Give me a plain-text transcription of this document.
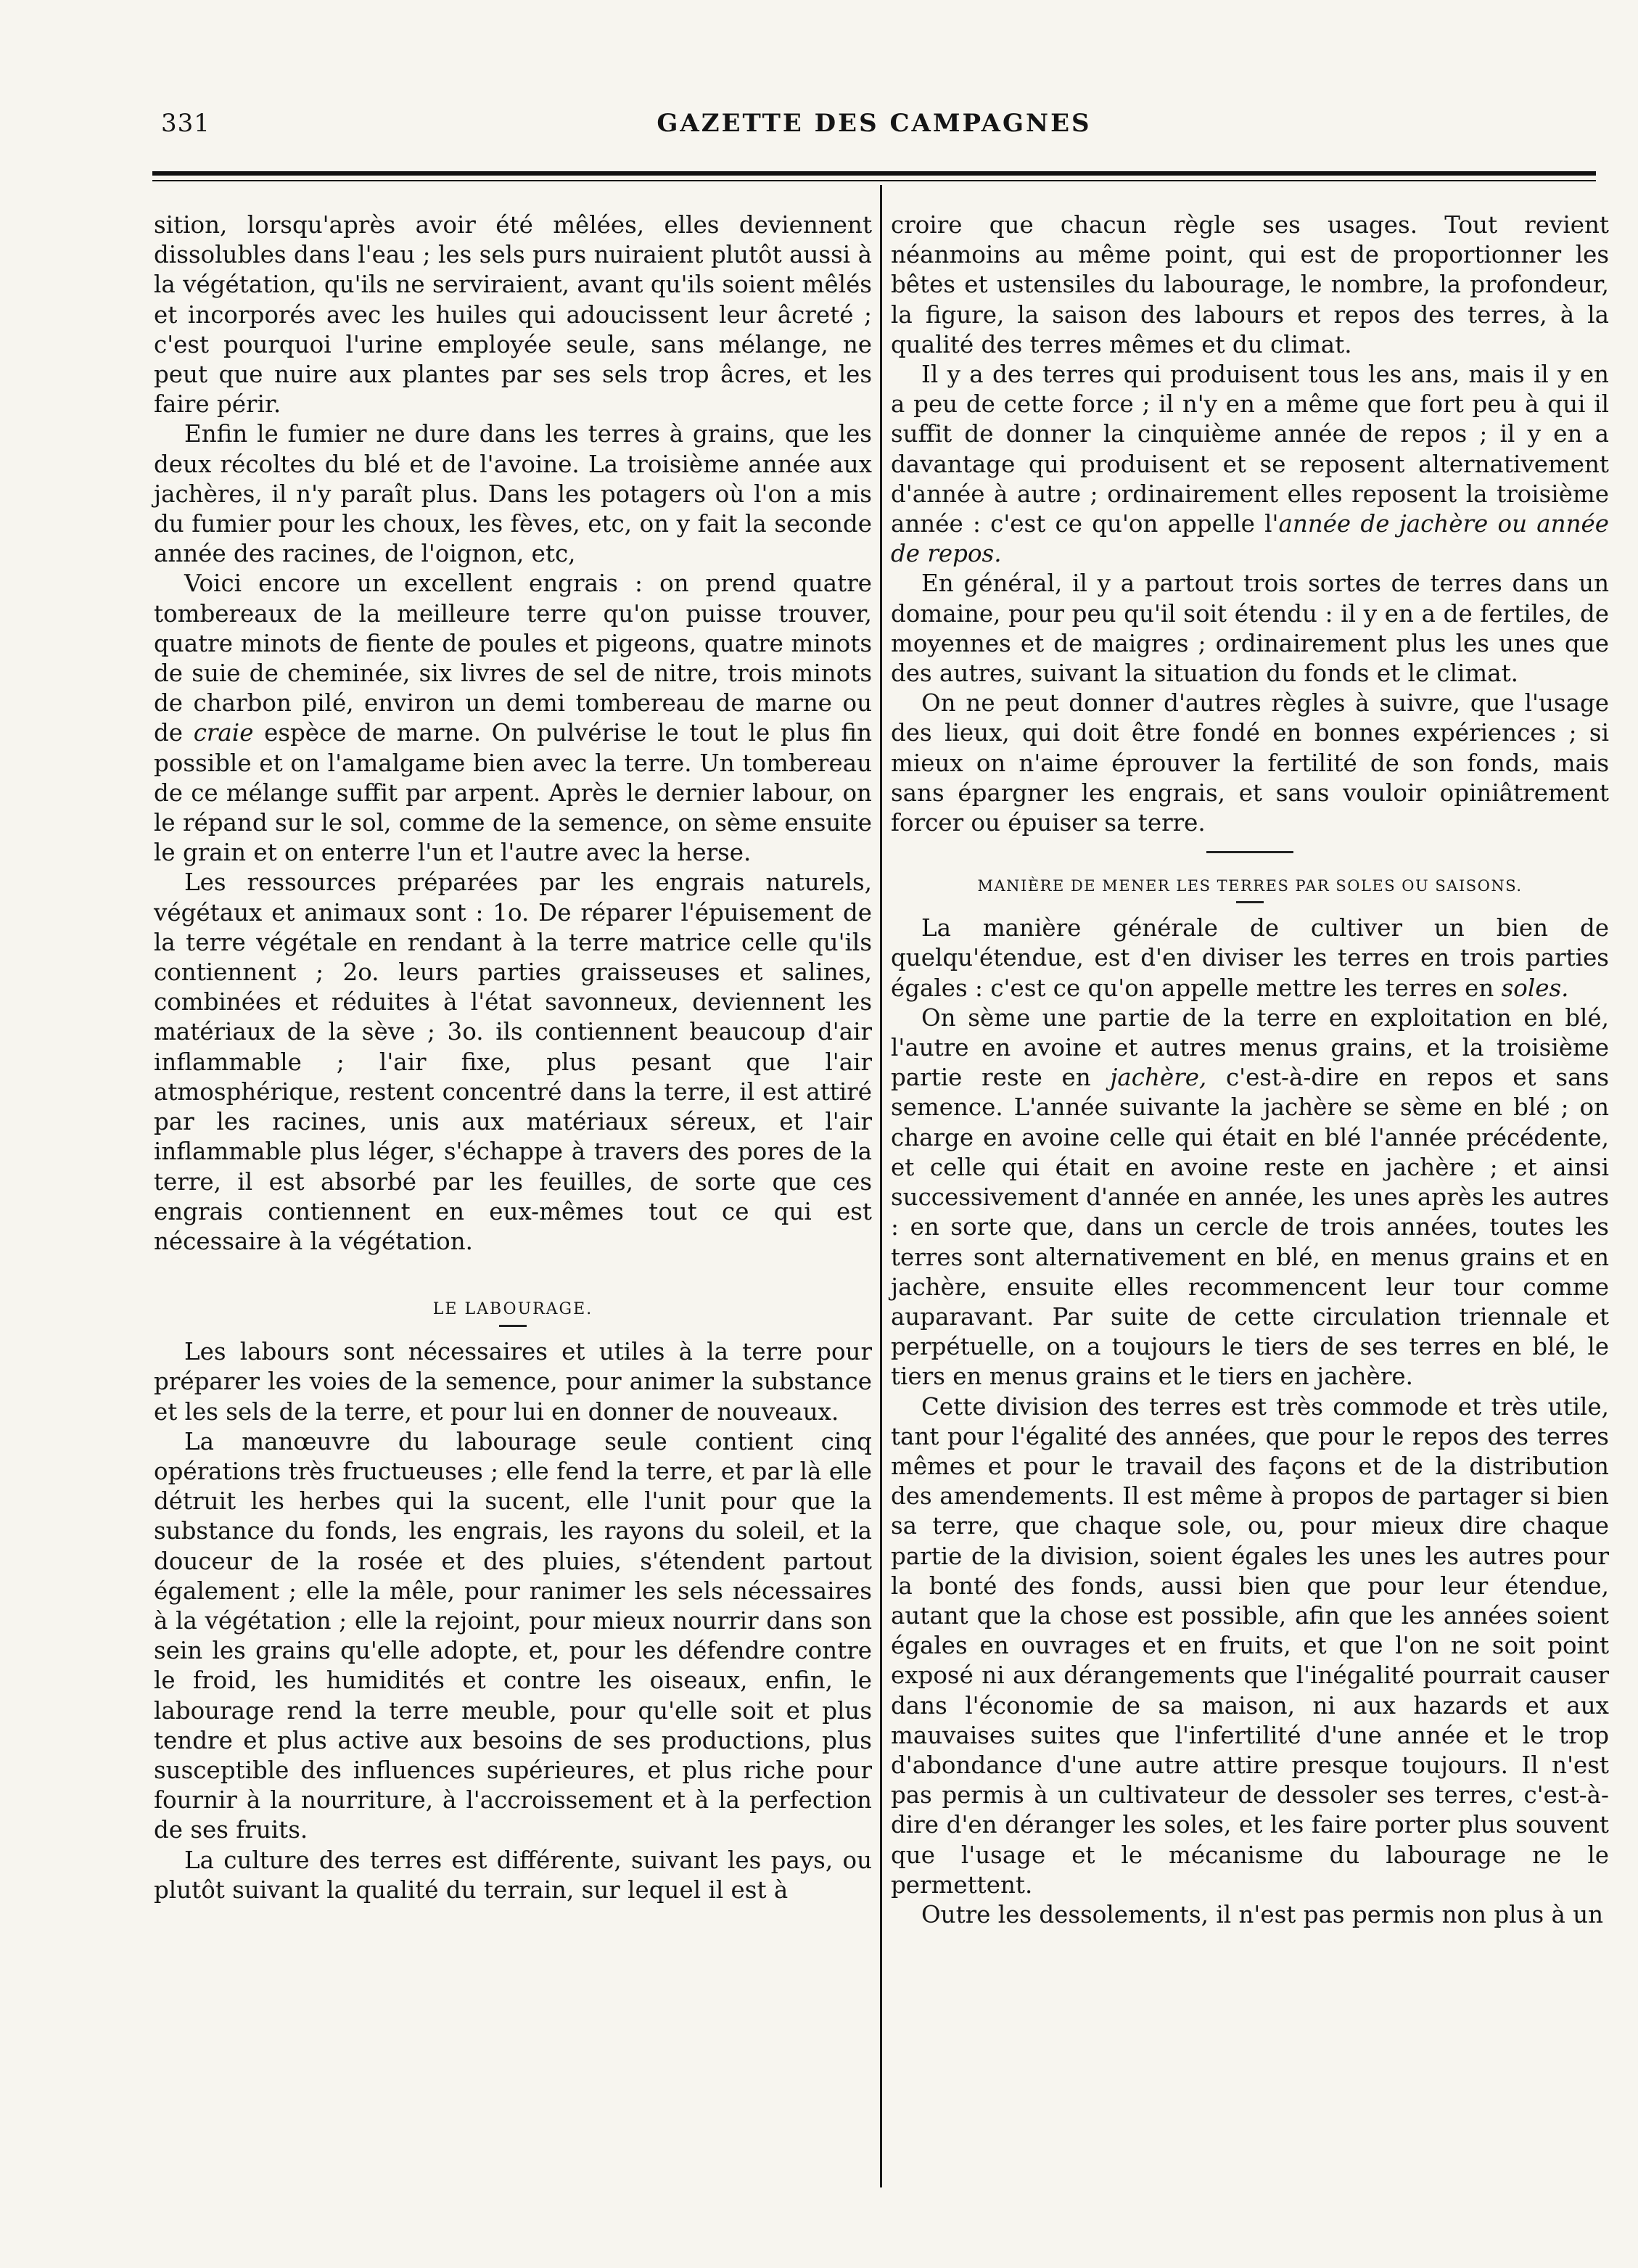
331	GAZETTE DES CAMPAGNES

sition, lorsqu'après avoir été mêlées, elles deviennent dissolubles dans l'eau ; les sels purs nuiraient plutôt aussi à la végétation, qu'ils ne serviraient, avant qu'ils soient mêlés et incorporés avec les huiles qui adoucissent leur âcreté ; c'est pourquoi l'urine employée seule, sans mélange, ne peut que nuire aux plantes par ses sels trop âcres, et les faire périr.

Enfin le fumier ne dure dans les terres à grains, que les deux récoltes du blé et de l'avoine. La troisième année aux jachères, il n'y paraît plus. Dans les potagers où l'on a mis du fumier pour les choux, les fèves, etc, on y fait la seconde année des racines, de l'oignon, etc,

Voici encore un excellent engrais : on prend quatre tombereaux de la meilleure terre qu'on puisse trouver, quatre minots de fiente de poules et pigeons, quatre minots de suie de cheminée, six livres de sel de nitre, trois minots de charbon pilé, environ un demi tombereau de marne ou de craie espèce de marne. On pulvérise le tout le plus fin possible et on l'amalgame bien avec la terre. Un tombereau de ce mélange suffit par arpent. Après le dernier labour, on le répand sur le sol, comme de la semence, on sème ensuite le grain et on enterre l'un et l'autre avec la herse.

Les ressources préparées par les engrais naturels, végétaux et animaux sont : 1o. De réparer l'épuisement de la terre végétale en rendant à la terre matrice celle qu'ils contiennent ; 2o. leurs parties graisseuses et salines, combinées et réduites à l'état savonneux, deviennent les matériaux de la sève ; 3o. ils contiennent beaucoup d'air inflammable ; l'air fixe, plus pesant que l'air atmosphérique, restent concentré dans la terre, il est attiré par les racines, unis aux matériaux séreux, et l'air inflammable plus léger, s'échappe à travers des pores de la terre, il est absorbé par les feuilles, de sorte que ces engrais contiennent en eux-mêmes tout ce qui est nécessaire à la végétation.

LE LABOURAGE.

Les labours sont nécessaires et utiles à la terre pour préparer les voies de la semence, pour animer la substance et les sels de la terre, et pour lui en donner de nouveaux.

La manœuvre du labourage seule contient cinq opérations très fructueuses ; elle fend la terre, et par là elle détruit les herbes qui la sucent, elle l'unit pour que la substance du fonds, les engrais, les rayons du soleil, et la douceur de la rosée et des pluies, s'étendent partout également ; elle la mêle, pour ranimer les sels nécessaires à la végétation ; elle la rejoint, pour mieux nourrir dans son sein les grains qu'elle adopte, et, pour les défendre contre le froid, les humidités et contre les oiseaux, enfin, le labourage rend la terre meuble, pour qu'elle soit et plus tendre et plus active aux besoins de ses productions, plus susceptible des influences supérieures, et plus riche pour fournir à la nourriture, à l'accroissement et à la perfection de ses fruits.

La culture des terres est différente, suivant les pays, ou plutôt suivant la qualité du terrain, sur lequel il est à

croire que chacun règle ses usages. Tout revient néanmoins au même point, qui est de proportionner les bêtes et ustensiles du labourage, le nombre, la profondeur, la figure, la saison des labours et repos des terres, à la qualité des terres mêmes et du climat.

Il y a des terres qui produisent tous les ans, mais il y en a peu de cette force ; il n'y en a même que fort peu à qui il suffit de donner la cinquième année de repos ; il y en a davantage qui produisent et se reposent alternativement d'année à autre ; ordinairement elles reposent la troisième année : c'est ce qu'on appelle l'année de jachère ou année de repos.

En général, il y a partout trois sortes de terres dans un domaine, pour peu qu'il soit étendu : il y en a de fertiles, de moyennes et de maigres ; ordinairement plus les unes que des autres, suivant la situation du fonds et le climat.

On ne peut donner d'autres règles à suivre, que l'usage des lieux, qui doit être fondé en bonnes expériences ; si mieux on n'aime éprouver la fertilité de son fonds, mais sans épargner les engrais, et sans vouloir opiniâtrement forcer ou épuiser sa terre.

MANIÈRE DE MENER LES TERRES PAR SOLES OU SAISONS.

La manière générale de cultiver un bien de quelqu'étendue, est d'en diviser les terres en trois parties égales : c'est ce qu'on appelle mettre les terres en soles.

On sème une partie de la terre en exploitation en blé, l'autre en avoine et autres menus grains, et la troisième partie reste en jachère, c'est-à-dire en repos et sans semence. L'année suivante la jachère se sème en blé ; on charge en avoine celle qui était en blé l'année précédente, et celle qui était en avoine reste en jachère ; et ainsi successivement d'année en année, les unes après les autres : en sorte que, dans un cercle de trois années, toutes les terres sont alternativement en blé, en menus grains et en jachère, ensuite elles recommencent leur tour comme auparavant. Par suite de cette circulation triennale et perpétuelle, on a toujours le tiers de ses terres en blé, le tiers en menus grains et le tiers en jachère.

Cette division des terres est très commode et très utile, tant pour l'égalité des années, que pour le repos des terres mêmes et pour le travail des façons et de la distribution des amendements. Il est même à propos de partager si bien sa terre, que chaque sole, ou, pour mieux dire chaque partie de la division, soient égales les unes les autres pour la bonté des fonds, aussi bien que pour leur étendue, autant que la chose est possible, afin que les années soient égales en ouvrages et en fruits, et que l'on ne soit point exposé ni aux dérangements que l'inégalité pourrait causer dans l'économie de sa maison, ni aux hazards et aux mauvaises suites que l'infertilité d'une année et le trop d'abondance d'une autre attire presque toujours. Il n'est pas permis à un cultivateur de dessoler ses terres, c'est-à-dire d'en déranger les soles, et les faire porter plus souvent que l'usage et le mécanisme du labourage ne le permettent.

Outre les dessolements, il n'est pas permis non plus à un
